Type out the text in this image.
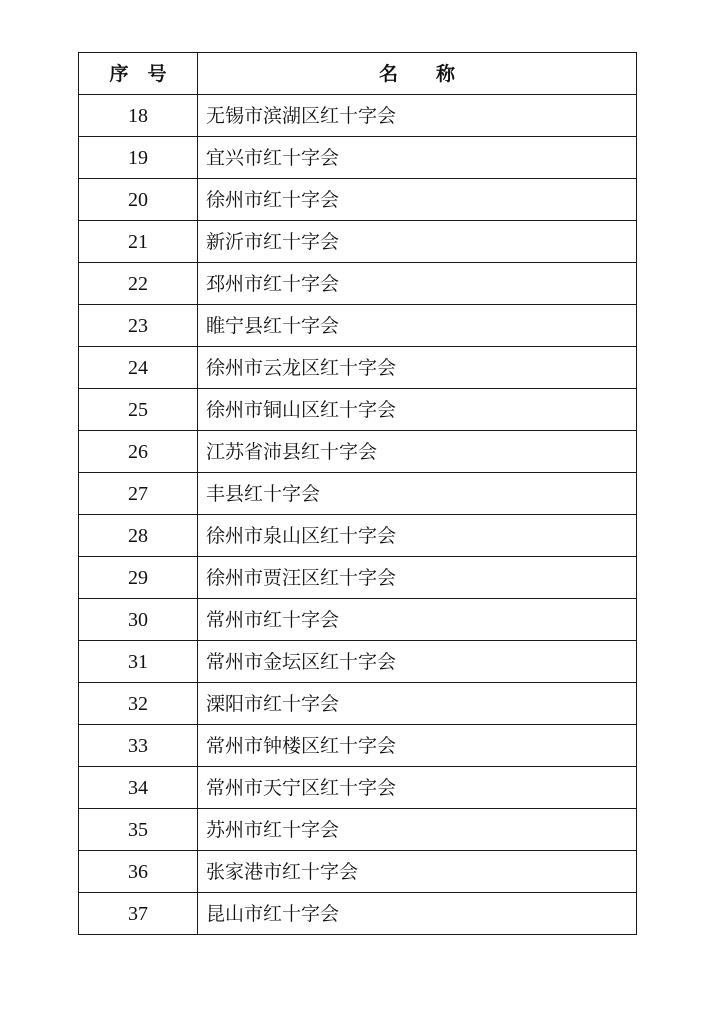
序　号	名　　称
18	无锡市滨湖区红十字会
19	宜兴市红十字会
20	徐州市红十字会
21	新沂市红十字会
22	邳州市红十字会
23	睢宁县红十字会
24	徐州市云龙区红十字会
25	徐州市铜山区红十字会
26	江苏省沛县红十字会
27	丰县红十字会
28	徐州市泉山区红十字会
29	徐州市贾汪区红十字会
30	常州市红十字会
31	常州市金坛区红十字会
32	溧阳市红十字会
33	常州市钟楼区红十字会
34	常州市天宁区红十字会
35	苏州市红十字会
36	张家港市红十字会
37	昆山市红十字会
